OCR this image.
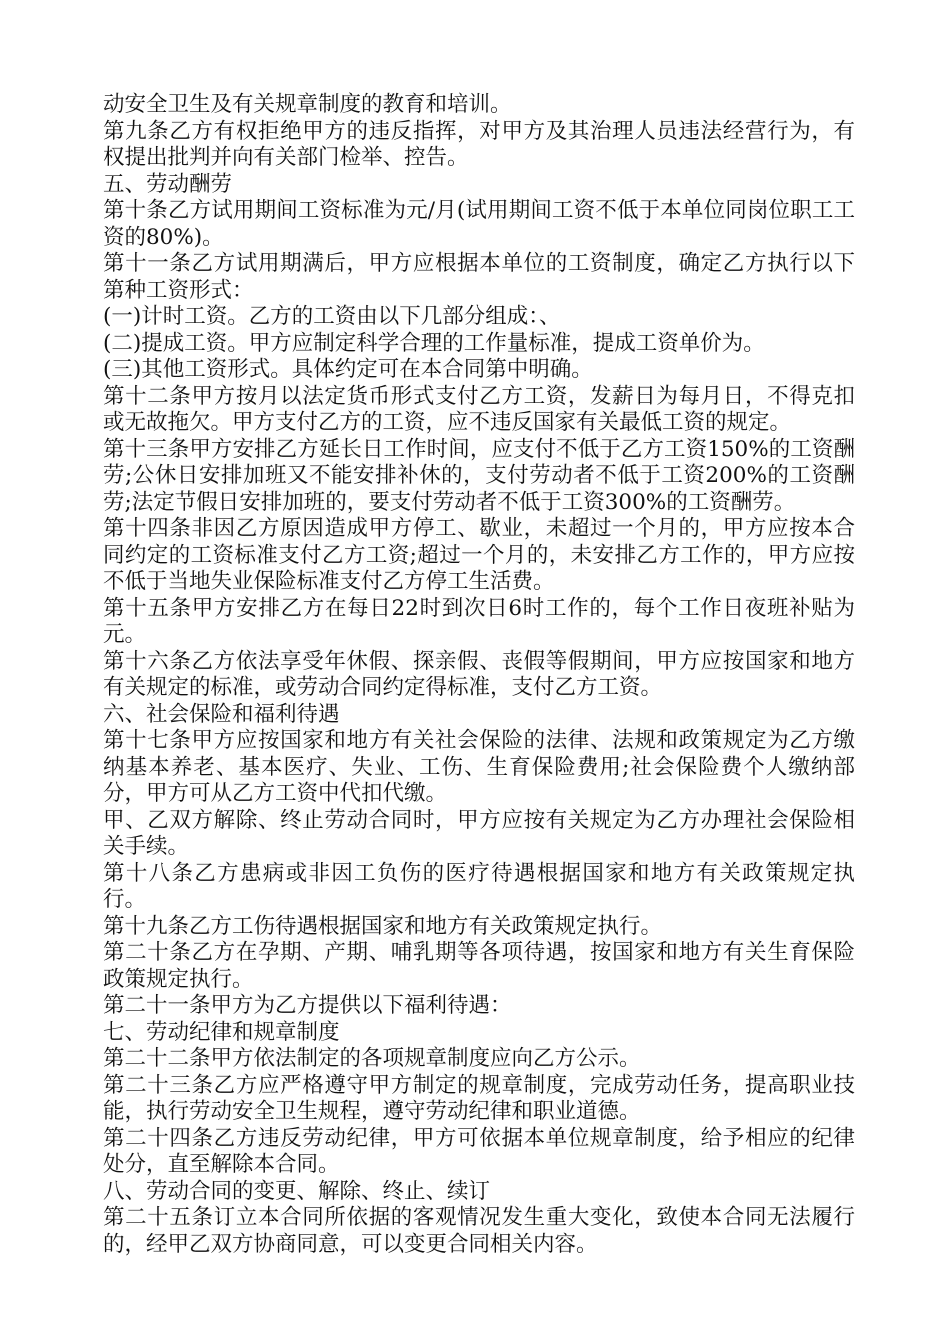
动安全卫生及有关规章制度的教育和培训。

第九条乙方有权拒绝甲方的违反指挥，对甲方及其治理人员违法经营行为，有权提出批判并向有关部门检举、控告。

五、劳动酬劳

第十条乙方试用期间工资标准为元/月(试用期间工资不低于本单位同岗位职工工资的80%)。

第十一条乙方试用期满后，甲方应根据本单位的工资制度，确定乙方执行以下第种工资形式：

(一)计时工资。乙方的工资由以下几部分组成：、

(二)提成工资。甲方应制定科学合理的工作量标准，提成工资单价为。

(三)其他工资形式。具体约定可在本合同第中明确。

第十二条甲方按月以法定货币形式支付乙方工资，发薪日为每月日，不得克扣或无故拖欠。甲方支付乙方的工资，应不违反国家有关最低工资的规定。

第十三条甲方安排乙方延长日工作时间，应支付不低于乙方工资150%的工资酬劳;公休日安排加班又不能安排补休的，支付劳动者不低于工资200%的工资酬劳;法定节假日安排加班的，要支付劳动者不低于工资300%的工资酬劳。

第十四条非因乙方原因造成甲方停工、歇业，未超过一个月的，甲方应按本合同约定的工资标准支付乙方工资;超过一个月的，未安排乙方工作的，甲方应按不低于当地失业保险标准支付乙方停工生活费。

第十五条甲方安排乙方在每日22时到次日6时工作的，每个工作日夜班补贴为元。

第十六条乙方依法享受年休假、探亲假、丧假等假期间，甲方应按国家和地方有关规定的标准，或劳动合同约定得标准，支付乙方工资。

六、社会保险和福利待遇

第十七条甲方应按国家和地方有关社会保险的法律、法规和政策规定为乙方缴纳基本养老、基本医疗、失业、工伤、生育保险费用;社会保险费个人缴纳部分，甲方可从乙方工资中代扣代缴。

甲、乙双方解除、终止劳动合同时，甲方应按有关规定为乙方办理社会保险相关手续。

第十八条乙方患病或非因工负伤的医疗待遇根据国家和地方有关政策规定执行。

第十九条乙方工伤待遇根据国家和地方有关政策规定执行。

第二十条乙方在孕期、产期、哺乳期等各项待遇，按国家和地方有关生育保险政策规定执行。

第二十一条甲方为乙方提供以下福利待遇：

七、劳动纪律和规章制度

第二十二条甲方依法制定的各项规章制度应向乙方公示。

第二十三条乙方应严格遵守甲方制定的规章制度，完成劳动任务，提高职业技能，执行劳动安全卫生规程，遵守劳动纪律和职业道德。

第二十四条乙方违反劳动纪律，甲方可依据本单位规章制度，给予相应的纪律处分，直至解除本合同。

八、劳动合同的变更、解除、终止、续订

第二十五条订立本合同所依据的客观情况发生重大变化，致使本合同无法履行的，经甲乙双方协商同意，可以变更合同相关内容。
